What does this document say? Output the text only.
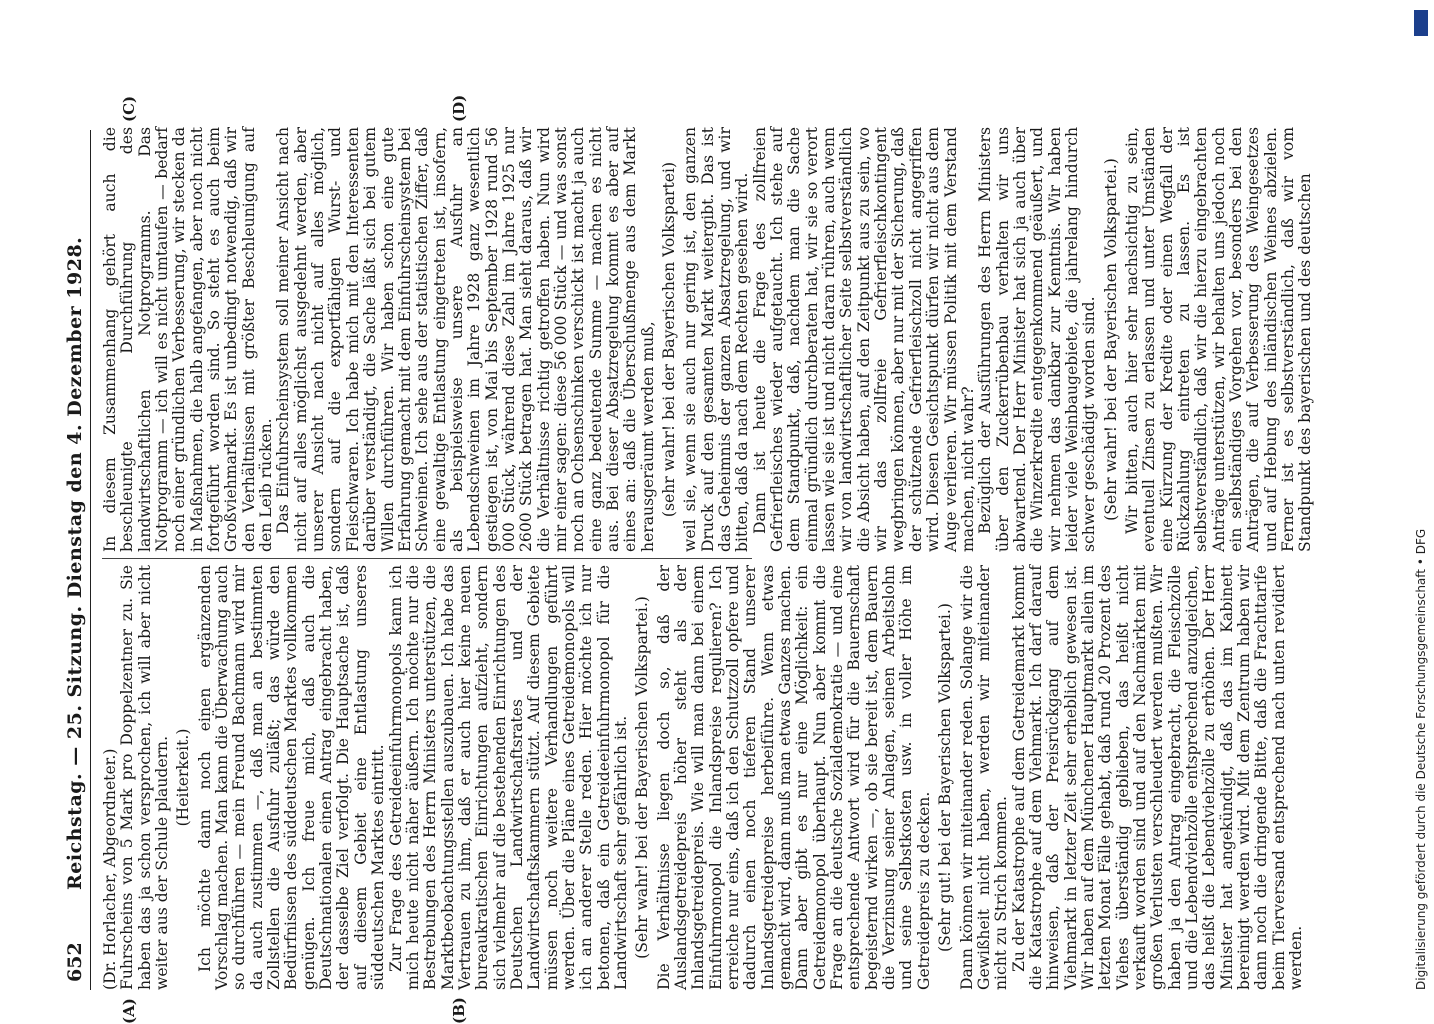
652
Reichstag. — 25. Sitzung. Dienstag den 4. Dezember 1928. (Dr. Horlacher, Abgeordneter.) Fuhrscheins von 5 Mark pro Doppelzentner zu. Sie haben das ja schon versprochen, ich will aber nicht weiter aus der Schule plaudern. (Heiterkeit.) Ich möchte dann noch einen ergänzenden Vorschlag machen. Man kann die Überwachung auch so durchführen — mein Freund Bachmann wird mir da auch zustimmen —, daß man an bestimmten Zollstellen die Ausfuhr zuläßt; das würde den Bedürfnissen des süddeutschen Marktes vollkommen genügen. Ich freue mich, daß auch die Deutschnationalen einen Antrag eingebracht haben, der dasselbe Ziel verfolgt. Die Hauptsache ist, daß auf diesem Gebiet eine Entlastung unseres süddeutschen Marktes eintritt. Zur Frage des Getreideeinfuhrmonopols kann ich mich heute nicht näher äußern. Ich möchte nur die Bestrebungen des Herrn Ministers unterstützen, die Marktbeobachtungsstellen auszubauen. Ich habe das Vertrauen zu ihm, daß er auch hier keine neuen bureaukratischen Einrichtungen aufzieht, sondern sich vielmehr auf die bestehenden Einrichtungen des Deutschen Landwirtschaftsrates und der Landwirtschaftskammern stützt. Auf diesem Gebiete müssen noch weitere Verhandlungen geführt werden. Über die Pläne eines Getreidemonopols will ich an anderer Stelle reden. Hier möchte ich nur betonen, daß ein Getreideeinfuhrmonopol für die Landwirtschaft sehr gefährlich ist. (Sehr wahr! bei der Bayerischen Volkspartei.) Die Verhältnisse liegen doch so, daß der Auslandsgetreidepreis höher steht als der Inlandsgetreidepreis. Wie will man dann bei einem Einfuhrmonopol die Inlandspreise regulieren? Ich erreiche nur eins, daß ich den Schutzzoll opfere und dadurch einen noch tieferen Stand unserer Inlandsgetreidepreise herbeiführe. Wenn etwas gemacht wird, dann muß man etwas Ganzes machen. Dann aber gibt es nur eine Möglichkeit: ein Getreidemonopol überhaupt. Nun aber kommt die Frage an die deutsche Sozialdemokratie — und eine entsprechende Antwort wird für die Bauernschaft begeisternd wirken —, ob sie bereit ist, dem Bauern die Verzinsung seiner Anlagen, seinen Arbeitslohn und seine Selbstkosten usw. in voller Höhe im Getreidepreis zu decken. (Sehr gut! bei der Bayerischen Volkspartei.) Dann können wir miteinander reden. Solange wir die Gewißheit nicht haben, werden wir miteinander nicht zu Strich kommen. Zu der Katastrophe auf dem Getreidemarkt kommt die Katastrophe auf dem Viehmarkt. Ich darf darauf hinweisen, daß der Preisrückgang auf dem Viehmarkt in letzter Zeit sehr erheblich gewesen ist. Wir haben auf dem Münchener Hauptmarkt allein im letzten Monat Fälle gehabt, daß rund 20 Prozent des Viehes überständig geblieben, das heißt nicht verkauft worden sind und auf den Nachmärkten mit großen Verlusten verschleudert werden mußten. Wir haben ja den Antrag eingebracht, die Fleischzölle und die Lebendviehzölle entsprechend anzugleichen, das heißt die Lebendviehzölle zu erhöhen. Der Herr Minister hat angekündigt, daß das im Kabinett bereinigt werden wird. Mit dem Zentrum haben wir dann noch die dringende Bitte, daß die Frachttarife beim Tierversand entsprechend nach unten revidiert werden.

In diesem Zusammenhang gehört auch die beschleunigte Durchführung des landwirtschaftlichen Notprogramms. Das Notprogramm — ich will es nicht umtaufen — bedarf noch einer gründlichen Verbesserung, wir stecken da in Maßnahmen, die halb angefangen, aber noch nicht fortgeführt worden sind. So steht es auch beim Großviehmarkt. Es ist unbedingt notwendig, daß wir den Verhältnissen mit größter Beschleunigung auf den Leib rücken. Das Einfuhrscheinsystem soll meiner Ansicht nach nicht auf alles möglichst ausgedehnt werden, aber unserer Ansicht nach nicht auf alles möglich, sondern auf die exportfähigen Wurst- und Fleischwaren. Ich habe mich mit den Interessenten darüber verständigt, die Sache läßt sich bei gutem Willen durchführen. Wir haben schon eine gute Erfahrung gemacht mit dem Einfuhrscheinsystem bei Schweinen. Ich sehe aus der statistischen Ziffer, daß eine gewaltige Entlastung eingetreten ist, insofern, als beispielsweise unsere Ausfuhr an Lebendschweinen im Jahre 1928 ganz wesentlich gestiegen ist, von Mai bis September 1928 rund 56 000 Stück, während diese Zahl im Jahre 1925 nur 2600 Stück betragen hat. Man sieht daraus, daß wir die Verhältnisse richtig getroffen haben. Nun wird mir einer sagen: diese 56 000 Stück — und was sonst noch an Ochsenschinken verschickt ist macht ja auch eine ganz bedeutende Summe — machen es nicht aus. Bei dieser Absatzregelung kommt es aber auf eines an: daß die Überschußmenge aus dem Markt herausgeräumt werden muß, (sehr wahr! bei der Bayerischen Volkspartei) weil sie, wenn sie auch nur gering ist, den ganzen Druck auf den gesamten Markt weitergibt. Das ist das Geheimnis der ganzen Absatzregelung, und wir bitten, daß da nach dem Rechten gesehen wird. Dann ist heute die Frage des zollfreien Gefrierfleisches wieder aufgetaucht. Ich stehe auf dem Standpunkt, daß, nachdem man die Sache einmal gründlich durchberaten hat, wir sie so verort lassen wie sie ist und nicht daran rühren, auch wenn wir von landwirtschaftlicher Seite selbstverständlich die Absicht haben, auf den Zeitpunkt aus zu sein, wo wir das zollfreie Gefrierfleischkontingent wegbringen können, aber nur mit der Sicherung, daß der schützende Gefrierfleischzoll nicht angegriffen wird. Diesen Gesichtspunkt dürfen wir nicht aus dem Auge verlieren. Wir müssen Politik mit dem Verstand machen, nicht wahr? Bezüglich der Ausführungen des Herrn Ministers über den Zuckerrübenbau verhalten wir uns abwartend. Der Herr Minister hat sich ja auch über die Winzerkredite entgegenkommend geäußert, und wir nehmen das dankbar zur Kenntnis. Wir haben leider viele Weinbaugebiete, die jahrelang hindurch schwer geschädigt worden sind. (Sehr wahr! bei der Bayerischen Volkspartei.) Wir bitten, auch hier sehr nachsichtig zu sein, eventuell Zinsen zu erlassen und unter Umständen eine Kürzung der Kredite oder einen Wegfall der Rückzahlung eintreten zu lassen. Es ist selbstverständlich, daß wir die hierzu eingebrachten Anträge unterstützen, wir behalten uns jedoch noch ein selbständiges Vorgehen vor, besonders bei den Anträgen, die auf Verbesserung des Weingesetzes und auf Hebung des inländischen Weines abzielen. Ferner ist es selbstverständlich, daß wir vom Standpunkt des bayerischen und des deutschen

(A)	(B)
(C)	(D)
Digitalisierung gefördert durch die Deutsche Forschungsgemeinschaft • DFG
